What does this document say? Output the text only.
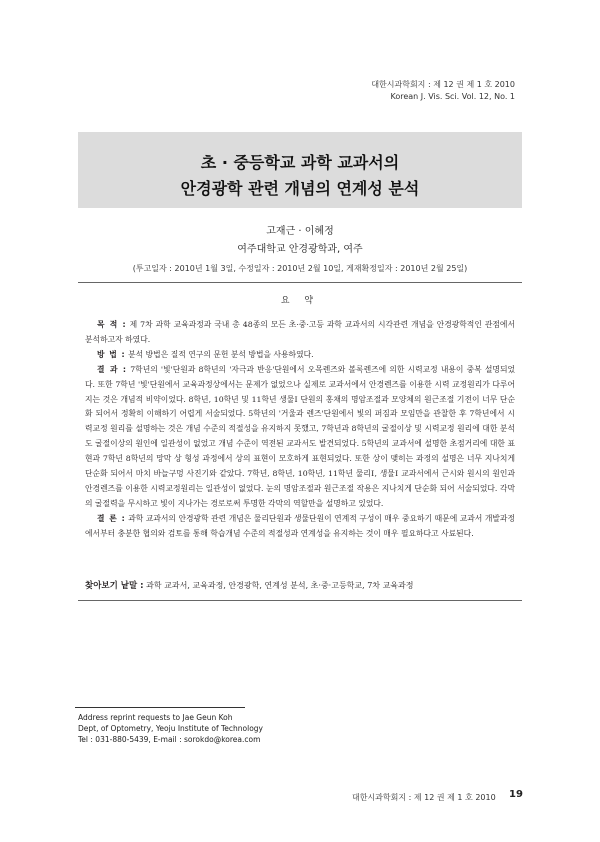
대한시과학회지 : 제 12 권 제 1 호 2010
Korean J. Vis. Sci. Vol. 12, No. 1
초 · 중등학교 과학 교과서의
안경광학 관련 개념의 연계성 분석
고재근 · 이혜정
여주대학교 안경광학과, 여주
(투고일자 : 2010년 1월 3일, 수정일자 : 2010년 2월 10일, 게재확정일자 : 2010년 2월 25일)
요 약

목 적 : 제 7차 과학 교육과정과 국내 총 48종의 모든 초·중·고등 과학 교과서의 시각관련 개념을 안경광학적인 관점에서 분석하고자 하였다.

방 법 : 분석 방법은 질적 연구의 문헌 분석 방법을 사용하였다.

결 과 : 7학년의 '빛'단원과 8학년의 '자극과 반응'단원에서 오목렌즈와 볼록렌즈에 의한 시력교정 내용이 중복 설명되었다. 또한 7학년 '빛'단원에서 교육과정상에서는 문제가 없었으나 실제로 교과서에서 안경렌즈를 이용한 시력 교정원리가 다루어지는 것은 개념적 비약이었다. 8학년, 10학년 및 11학년 생물Ⅰ 단원의 홍채의 명암조절과 모양체의 원근조절 기전이 너무 단순화 되어서 정확히 이해하기 어렵게 서술되었다. 5학년의 '거울과 렌즈'단원에서 빛의 퍼짐과 모임만을 관찰한 후 7학년에서 시력교정 원리를 설명하는 것은 개념 수준의 적절성을 유지하지 못했고, 7학년과 8학년의 굴절이상 및 시력교정 원리에 대한 분석도 굴절이상의 원인에 일관성이 없었고 개념 수준이 역전된 교과서도 발견되었다. 5학년의 교과서에 설명한 초점거리에 대한 표현과 7학년 8학년의 망막 상 형성 과정에서 상의 표현이 모호하게 표현되었다. 또한 상이 맺히는 과정의 설명은 너무 지나치게 단순화 되어서 마치 바늘구멍 사진기와 같았다. 7학년, 8학년, 10학년, 11학년 물리Ⅰ, 생물Ⅰ 교과서에서 근시와 원시의 원인과 안경렌즈를 이용한 시력교정원리는 일관성이 없었다. 눈의 명암조절과 원근조절 작용은 지나치게 단순화 되어 서술되었다. 각막의 굴절력을 무시하고 빛이 지나가는 경로로써 투명한 각막의 역할만을 설명하고 있었다.

결 론 : 과학 교과서의 안경광학 관련 개념은 물리단원과 생물단원이 연계적 구성이 매우 중요하기 때문에 교과서 개발과정에서부터 충분한 협의와 검토를 통해 학습개념 수준의 적절성과 연계성을 유지하는 것이 매우 필요하다고 사료된다.

찾아보기 낱말 : 과학 교과서, 교육과정, 안경광학, 연계성 분석, 초·중·고등학교, 7차 교육과정
Address reprint requests to Jae Geun Koh
Dept, of Optometry, Yeoju Institute of Technology
Tel : 031-880-5439, E-mail : sorokdo@korea.com
대한시과학회지 : 제 12 권 제 1 호 2010 19
